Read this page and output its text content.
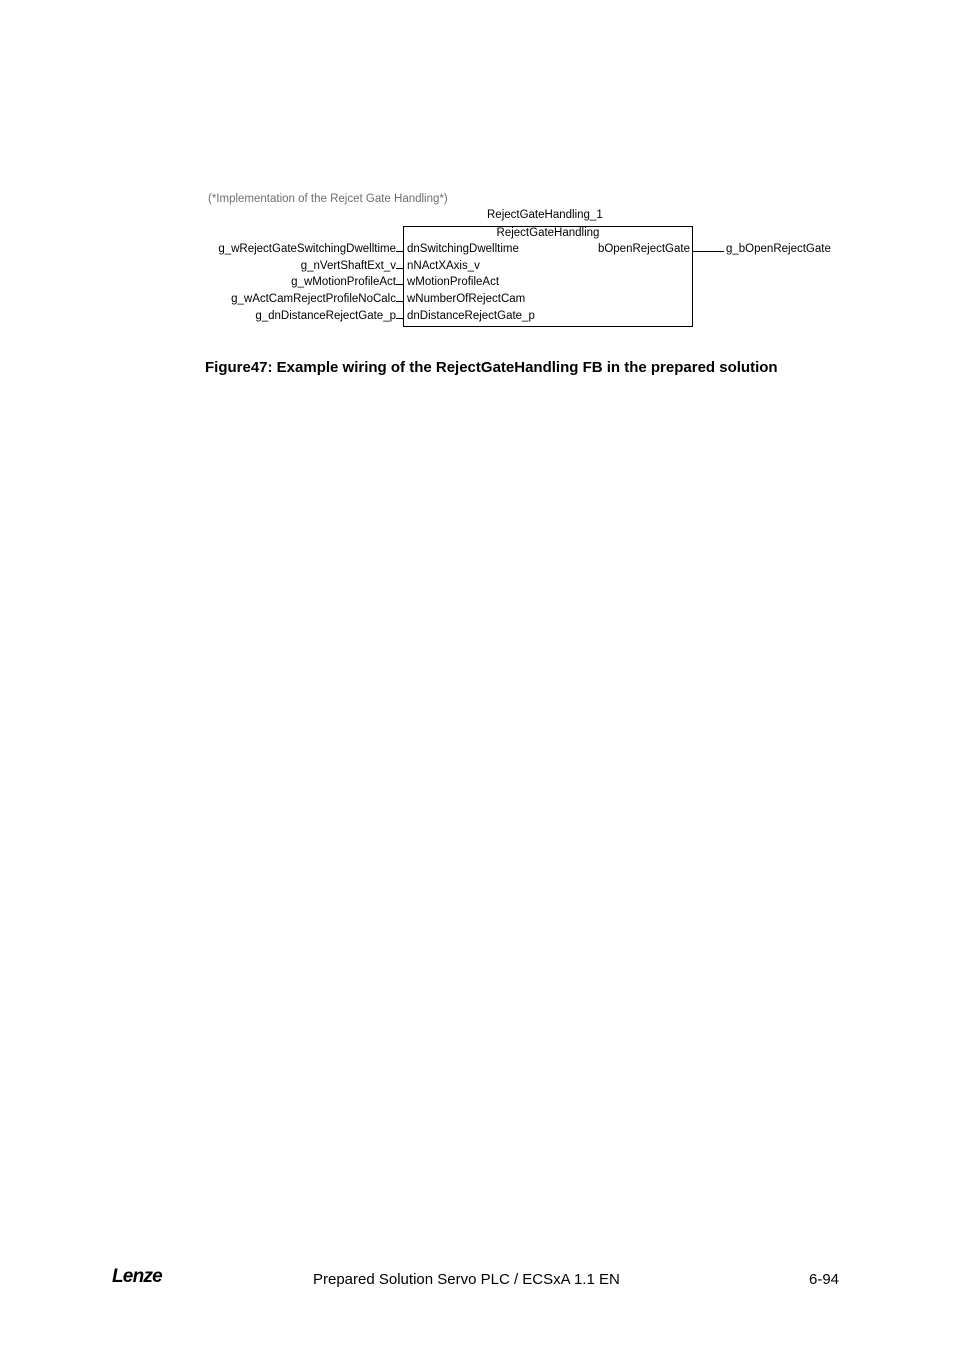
(*Implementation of the Rejcet Gate Handling*)
RejectGateHandling_1
RejectGateHandling
g_wRejectGateSwitchingDwelltime dnSwitchingDwelltime
g_nVertShaftExt_v nNActXAxis_v
g_wMotionProfileAct wMotionProfileAct
g_wActCamRejectProfileNoCalc wNumberOfRejectCam
g_dnDistanceRejectGate_p dnDistanceRejectGate_p
bOpenRejectGate	g_bOpenRejectGate
Figure47: Example wiring of the RejectGateHandling FB in the prepared solution
Lenze	Prepared Solution Servo PLC / ECSxA 1.1 EN	6-94
